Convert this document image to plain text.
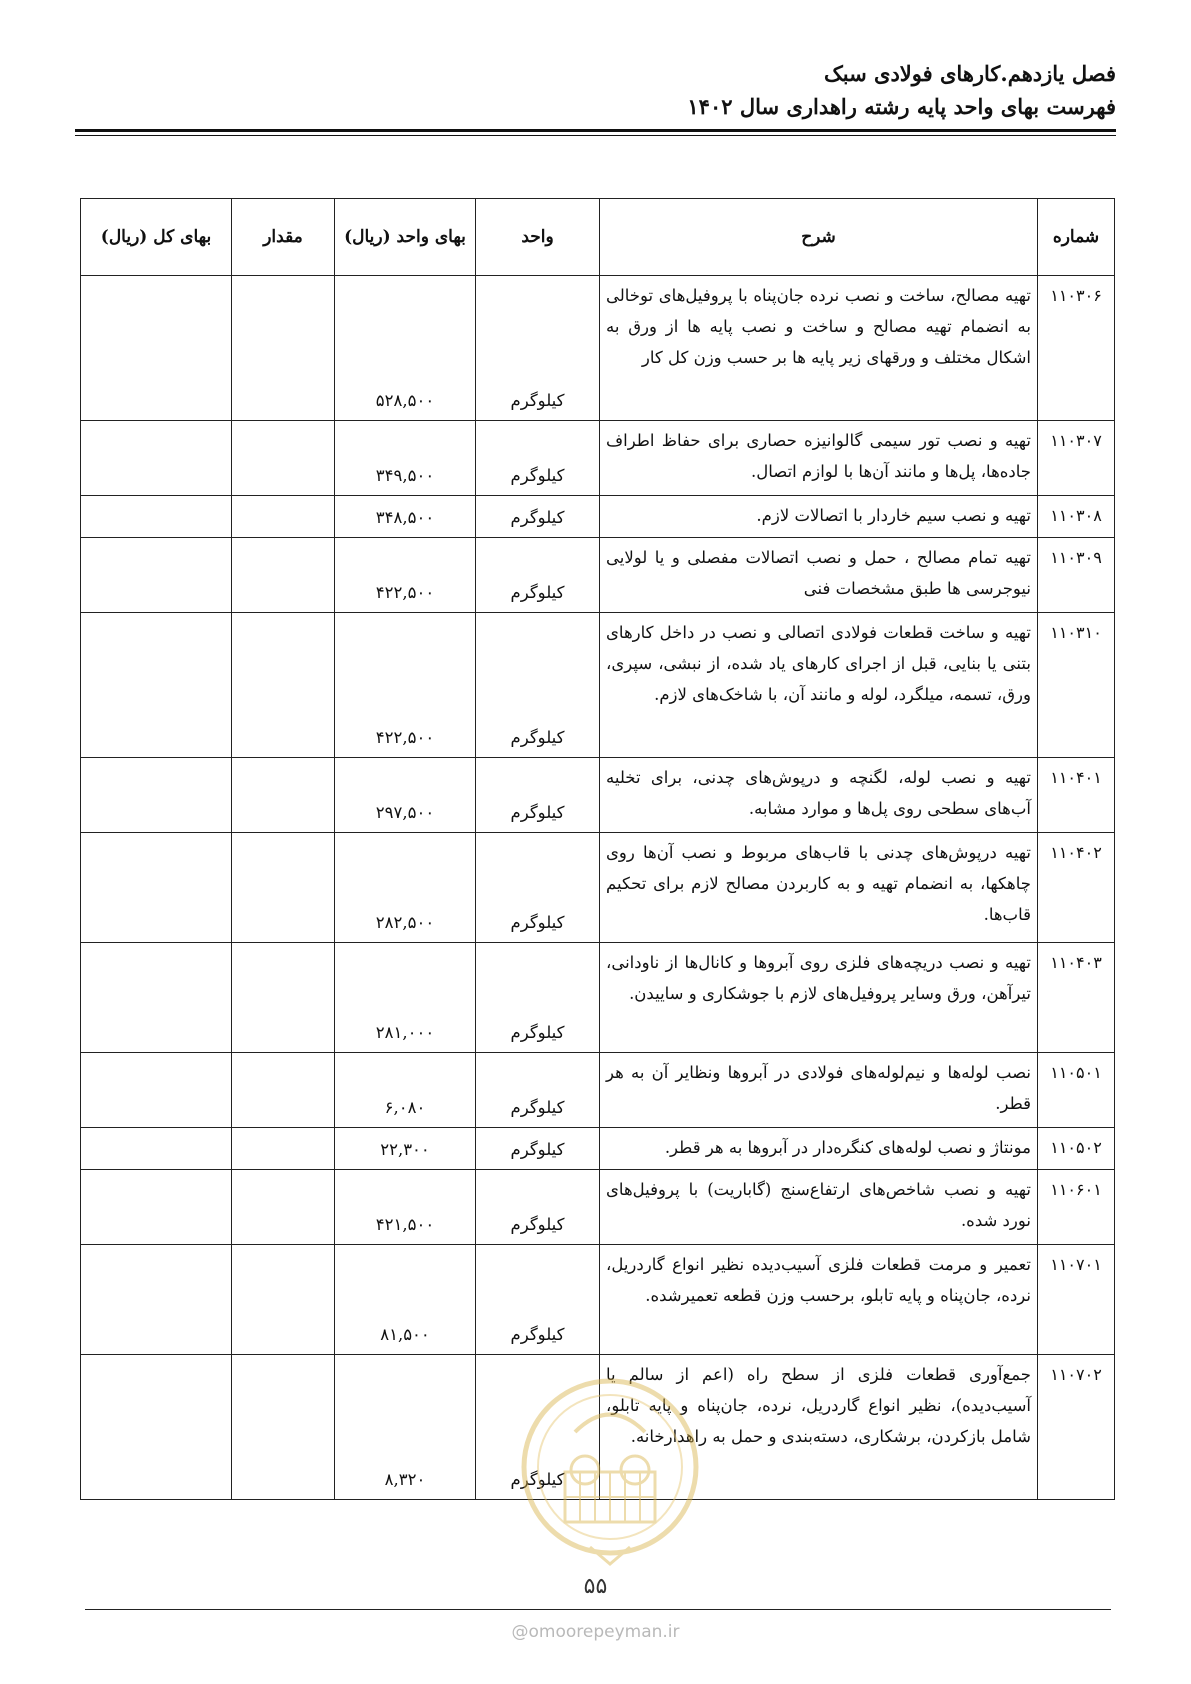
فصل یازدهم.کارهای فولادی سبک
فهرست بهای واحد پایه رشته راهداری سال ۱۴۰۲
شماره	شرح	واحد	بهای واحد (ریال)	مقدار	بهای کل (ریال)
۱۱۰۳۰۶	تهیه مصالح، ساخت و نصب نرده جان‌پناه با پروفیل‌های توخالی به انضمام تهیه مصالح و ساخت و نصب پایه ها از ورق به اشکال مختلف و ورقهای زیر پایه ها بر حسب وزن کل کار	کیلوگرم	۵۲۸,۵۰۰		
۱۱۰۳۰۷	تهیه و نصب تور سیمی گالوانیزه حصاری برای حفاظ اطراف جاده‌ها، پل‌ها و مانند آن‌ها با لوازم اتصال.	کیلوگرم	۳۴۹,۵۰۰		
۱۱۰۳۰۸	تهیه و نصب سیم خاردار با اتصالات لازم.	کیلوگرم	۳۴۸,۵۰۰		
۱۱۰۳۰۹	تهیه تمام مصالح ، حمل و نصب اتصالات مفصلی و یا لولایی نیوجرسی ها طبق مشخصات فنی	کیلوگرم	۴۲۲,۵۰۰		
۱۱۰۳۱۰	تهیه و ساخت قطعات فولادی اتصالی و نصب در داخل کارهای بتنی یا بنایی، قبل از اجرای کارهای یاد شده، از نبشی، سپری، ورق، تسمه، میلگرد، لوله و مانند آن، با شاخک‌های لازم.	کیلوگرم	۴۲۲,۵۰۰		
۱۱۰۴۰۱	تهیه و نصب لوله، لگنچه و درپوش‌های چدنی، برای تخلیه آب‌های سطحی روی پل‌ها و موارد مشابه.	کیلوگرم	۲۹۷,۵۰۰		
۱۱۰۴۰۲	تهیه درپوش‌های چدنی با قاب‌های مربوط و نصب آن‌ها روی چاهکها، به انضمام تهیه و به کاربردن مصالح لازم برای تحکیم قاب‌ها.	کیلوگرم	۲۸۲,۵۰۰		
۱۱۰۴۰۳	تهیه و نصب دریچه‌های فلزی روی آبروها و کانال‌ها از ناودانی، تیرآهن، ورق وسایر پروفیل‌های لازم با جوشکاری و ساییدن.	کیلوگرم	۲۸۱,۰۰۰		
۱۱۰۵۰۱	نصب لوله‌ها و نیم‌لوله‌های فولادی در آبروها ونظایر آن به هر قطر.	کیلوگرم	۶,۰۸۰		
۱۱۰۵۰۲	مونتاژ و نصب لوله‌های کنگره‌دار در آبروها به هر قطر.	کیلوگرم	۲۲,۳۰۰		
۱۱۰۶۰۱	تهیه و نصب شاخص‌های ارتفاع‌سنج (گاباریت) با پروفیل‌های نورد شده.	کیلوگرم	۴۲۱,۵۰۰		
۱۱۰۷۰۱	تعمیر و مرمت قطعات فلزی آسیب‌دیده نظیر انواع گاردریل، نرده، جان‌پناه و پایه تابلو، برحسب وزن قطعه تعمیرشده.	کیلوگرم	۸۱,۵۰۰		
۱۱۰۷۰۲	جمع‌آوری قطعات فلزی از سطح راه (اعم از سالم یا آسیب‌دیده)، نظیر انواع گاردریل، نرده، جان‌پناه و پایه تابلو، شامل بازکردن، برشکاری، دسته‌بندی و حمل به راهدارخانه.	کیلوگرم	۸,۳۲۰		
۵۵
@omoorepeyman.ir
